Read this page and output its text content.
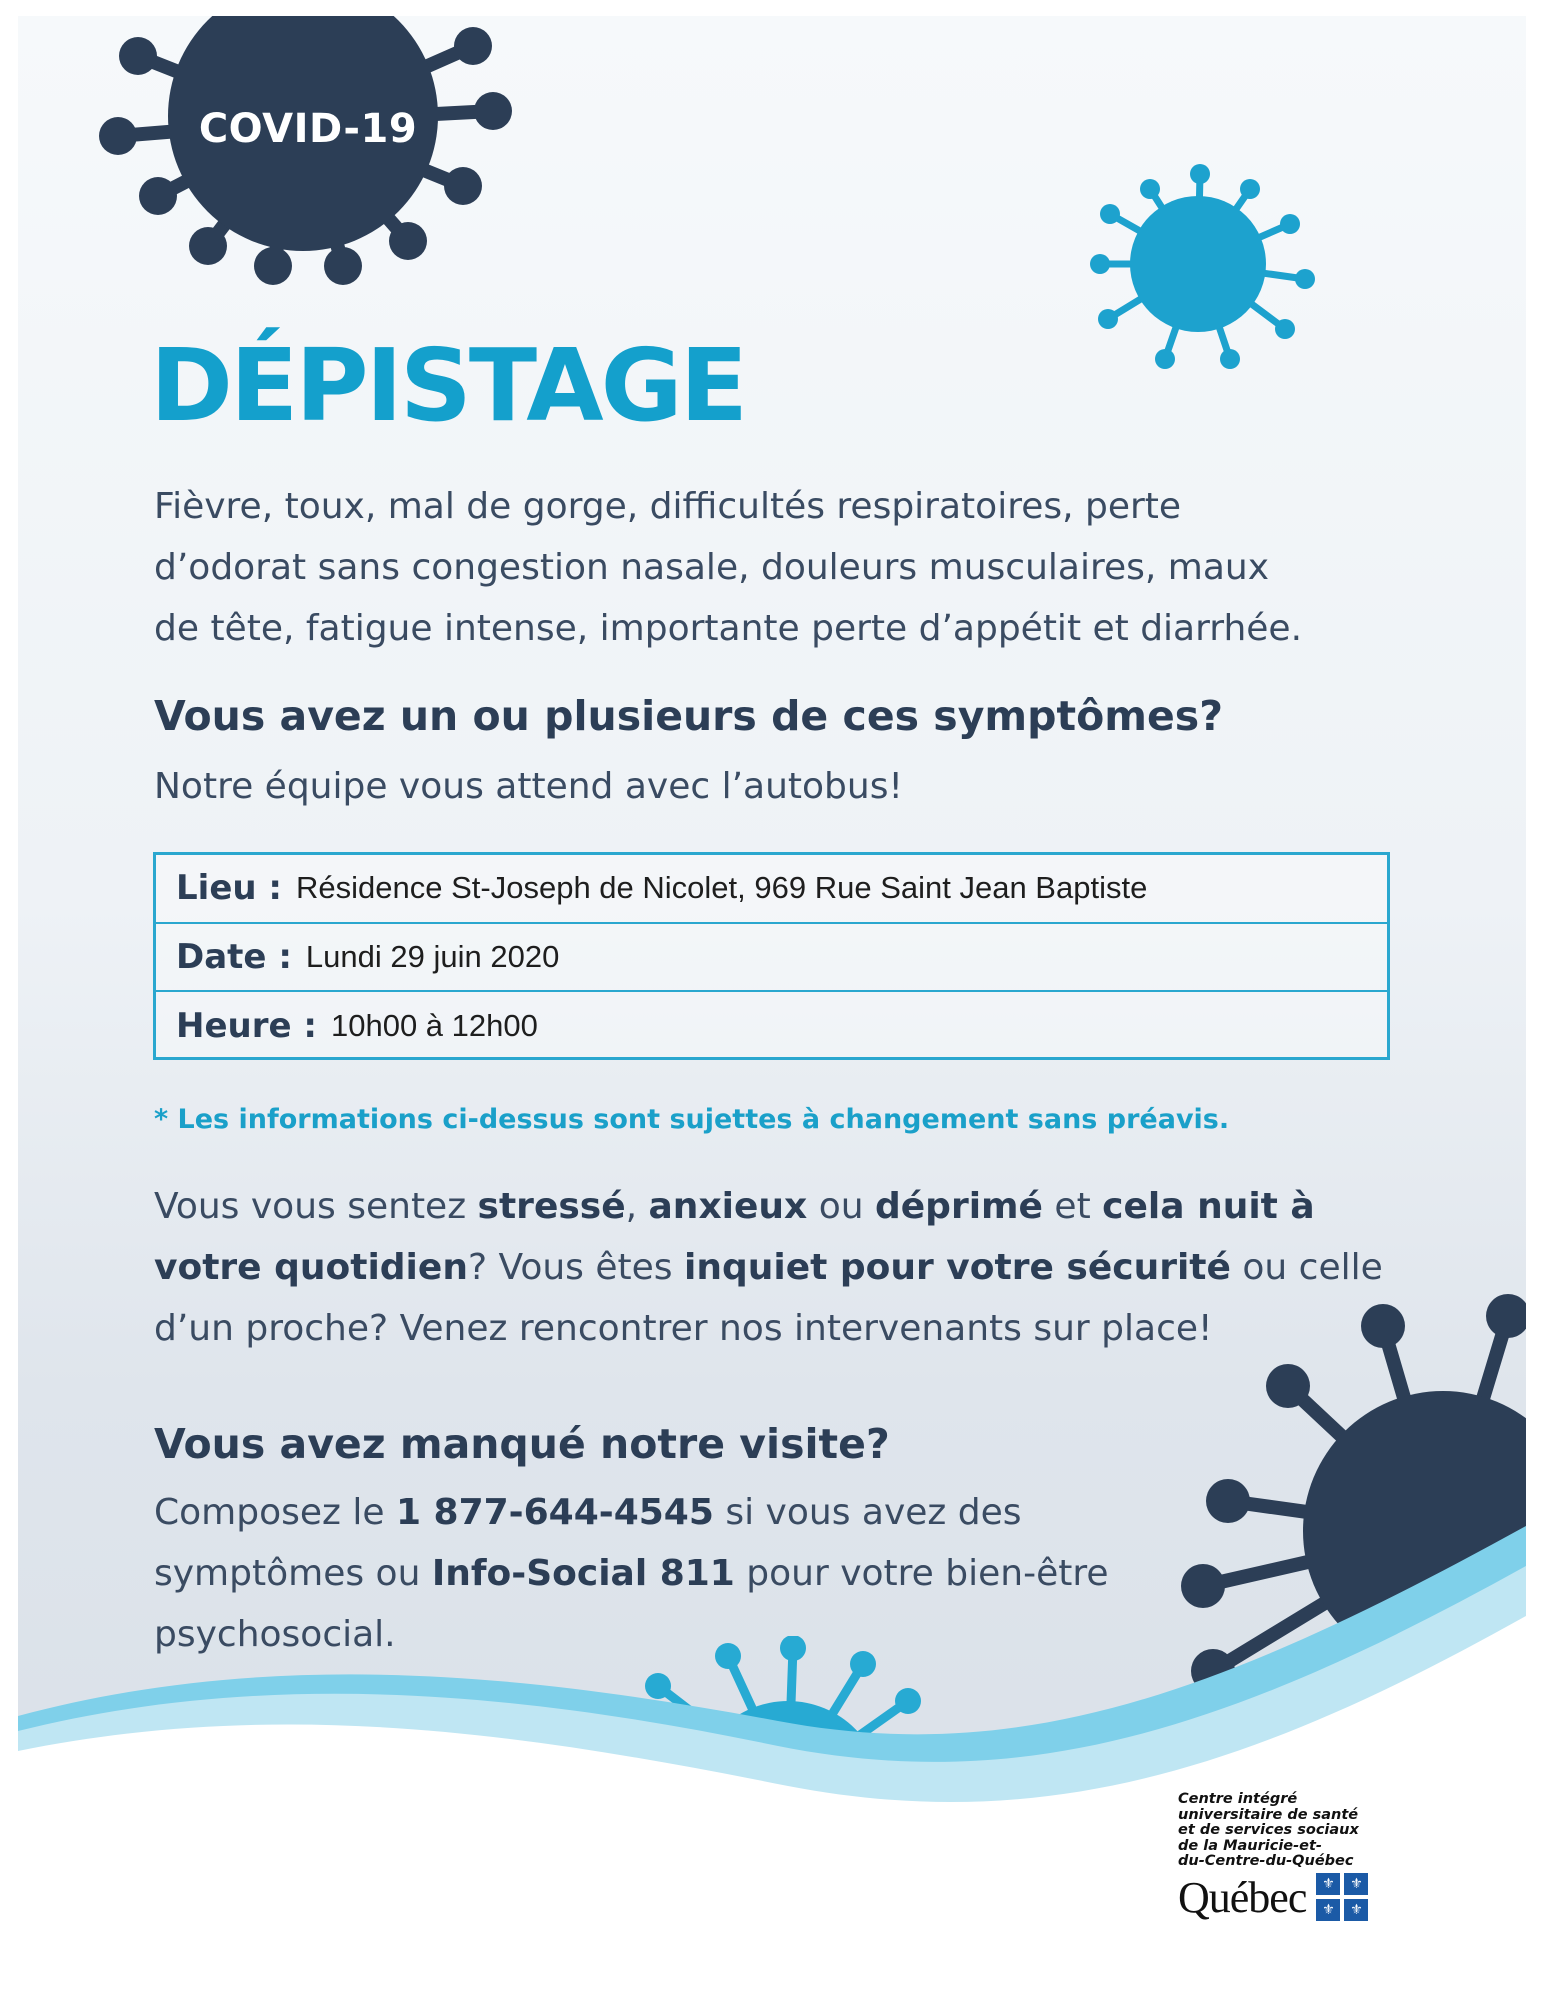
COVID-19
DÉPISTAGE
Fièvre, toux, mal de gorge, difficultés respiratoires, perte
d’odorat sans congestion nasale, douleurs musculaires, maux
de tête, fatigue intense, importante perte d’appétit et diarrhée.
Vous avez un ou plusieurs de ces symptômes?
Notre équipe vous attend avec l’autobus!
Lieu : Résidence St-Joseph de Nicolet, 969 Rue Saint Jean Baptiste
Date : Lundi 29 juin 2020
Heure : 10h00 à 12h00
* Les informations ci-dessus sont sujettes à changement sans préavis.
Vous vous sentez stressé, anxieux ou déprimé et cela nuit à
votre quotidien? Vous êtes inquiet pour votre sécurité ou celle
d’un proche? Venez rencontrer nos intervenants sur place!
Vous avez manqué notre visite?
Composez le 1 877-644-4545 si vous avez des
symptômes ou Info-Social 811 pour votre bien-être
psychosocial.
Centre intégré
universitaire de santé
et de services sociaux
de la Mauricie-et-
du-Centre-du-Québec
Québec	⚜	⚜
⚜	⚜
